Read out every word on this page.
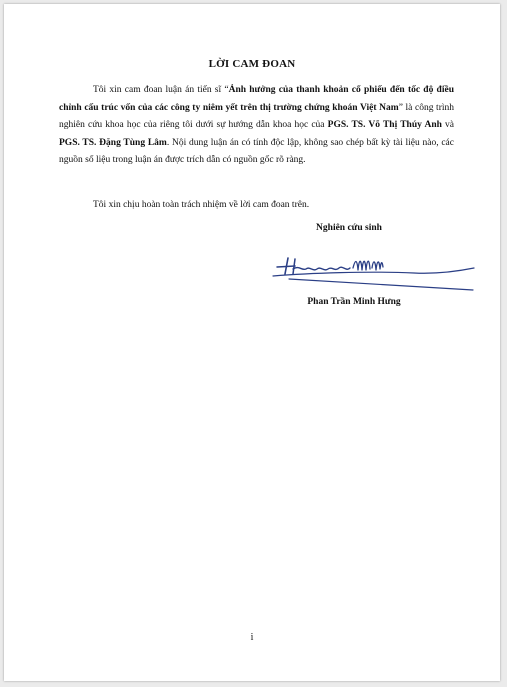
LỜI CAM ĐOAN
Tôi xin cam đoan luận án tiến sĩ “Ảnh hưởng của thanh khoản cổ phiếu đến tốc độ điều chỉnh cấu trúc vốn của các công ty niêm yết trên thị trường chứng khoán Việt Nam” là công trình nghiên cứu khoa học của riêng tôi dưới sự hướng dẫn khoa học của PGS. TS. Võ Thị Thúy Anh và PGS. TS. Đặng Tùng Lâm. Nội dung luận án có tính độc lập, không sao chép bất kỳ tài liệu nào, các nguồn số liệu trong luận án được trích dẫn có nguồn gốc rõ ràng.
Tôi xin chịu hoàn toàn trách nhiệm về lời cam đoan trên.
Nghiên cứu sinh
Phan Trần Minh Hưng
i
